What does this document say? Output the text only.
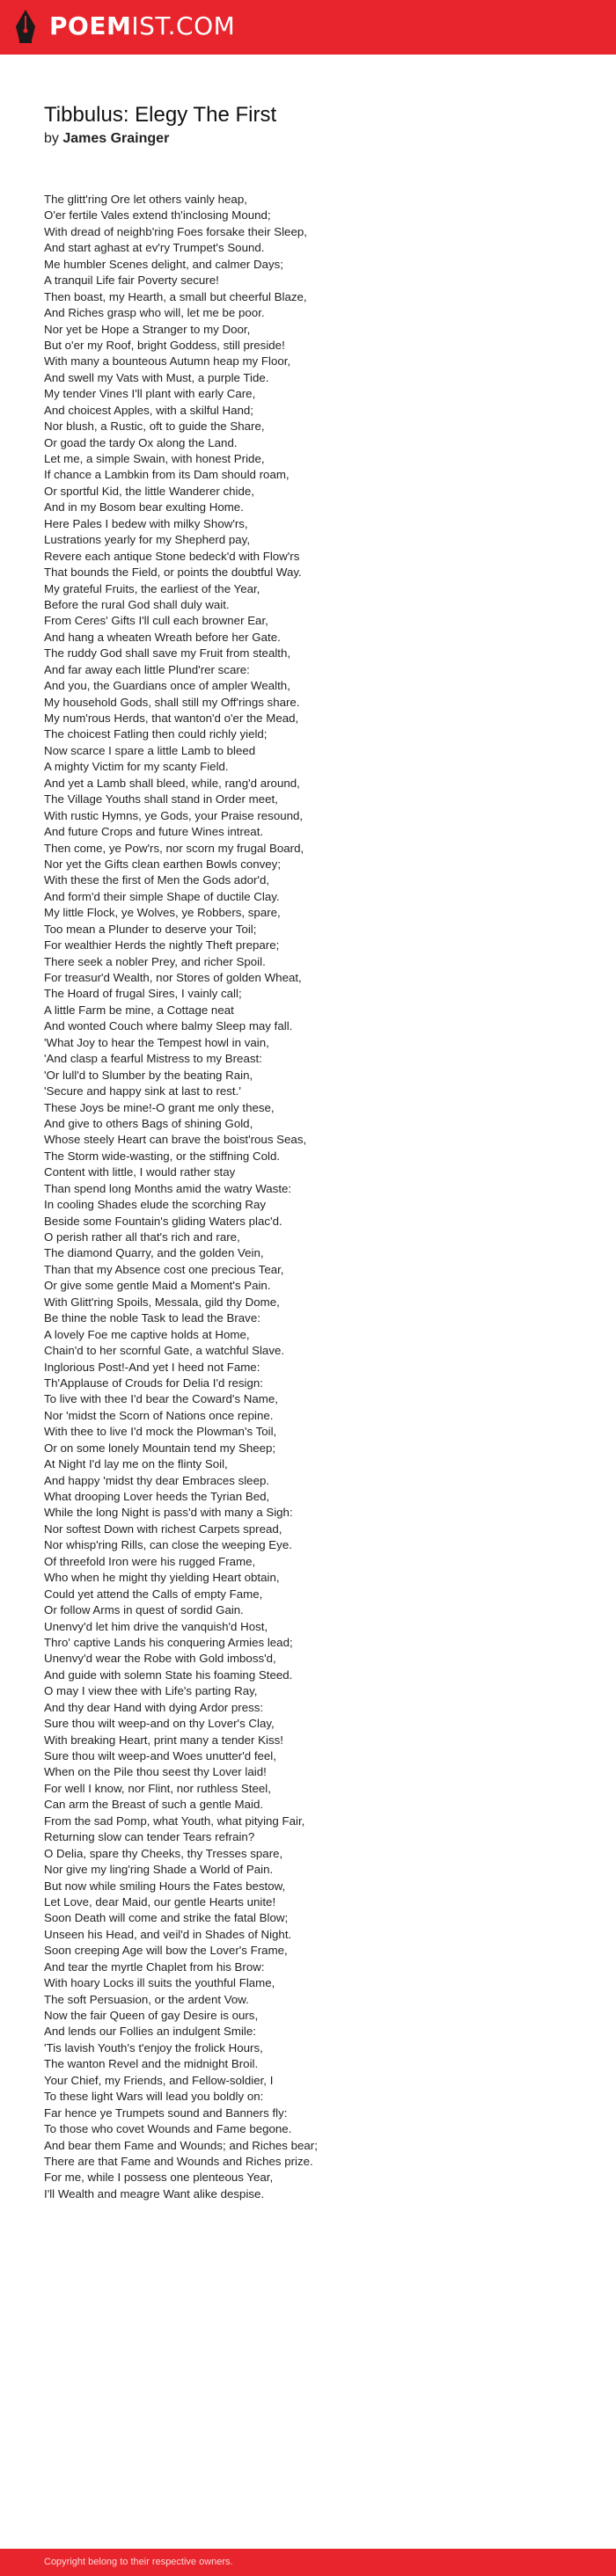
POEMIST.COM
Tibbulus: Elegy The First
by James Grainger
The glitt'ring Ore let others vainly heap,
O'er fertile Vales extend th'inclosing Mound;
With dread of neighb'ring Foes forsake their Sleep,
And start aghast at ev'ry Trumpet's Sound.
Me humbler Scenes delight, and calmer Days;
A tranquil Life fair Poverty secure!
Then boast, my Hearth, a small but cheerful Blaze,
And Riches grasp who will, let me be poor.
Nor yet be Hope a Stranger to my Door,
But o'er my Roof, bright Goddess, still preside!
With many a bounteous Autumn heap my Floor,
And swell my Vats with Must, a purple Tide.
My tender Vines I'll plant with early Care,
And choicest Apples, with a skilful Hand;
Nor blush, a Rustic, oft to guide the Share,
Or goad the tardy Ox along the Land.
Let me, a simple Swain, with honest Pride,
If chance a Lambkin from its Dam should roam,
Or sportful Kid, the little Wanderer chide,
And in my Bosom bear exulting Home.
Here Pales I bedew with milky Show'rs,
Lustrations yearly for my Shepherd pay,
Revere each antique Stone bedeck'd with Flow'rs
That bounds the Field, or points the doubtful Way.
My grateful Fruits, the earliest of the Year,
Before the rural God shall duly wait.
From Ceres' Gifts I'll cull each browner Ear,
And hang a wheaten Wreath before her Gate.
The ruddy God shall save my Fruit from stealth,
And far away each little Plund'rer scare:
And you, the Guardians once of ampler Wealth,
My household Gods, shall still my Off'rings share.
My num'rous Herds, that wanton'd o'er the Mead,
The choicest Fatling then could richly yield;
Now scarce I spare a little Lamb to bleed
A mighty Victim for my scanty Field.
And yet a Lamb shall bleed, while, rang'd around,
The Village Youths shall stand in Order meet,
With rustic Hymns, ye Gods, your Praise resound,
And future Crops and future Wines intreat.
Then come, ye Pow'rs, nor scorn my frugal Board,
Nor yet the Gifts clean earthen Bowls convey;
With these the first of Men the Gods ador'd,
And form'd their simple Shape of ductile Clay.
My little Flock, ye Wolves, ye Robbers, spare,
Too mean a Plunder to deserve your Toil;
For wealthier Herds the nightly Theft prepare;
There seek a nobler Prey, and richer Spoil.
For treasur'd Wealth, nor Stores of golden Wheat,
The Hoard of frugal Sires, I vainly call;
A little Farm be mine, a Cottage neat
And wonted Couch where balmy Sleep may fall.
'What Joy to hear the Tempest howl in vain,
'And clasp a fearful Mistress to my Breast:
'Or lull'd to Slumber by the beating Rain,
'Secure and happy sink at last to rest.'
These Joys be mine!-O grant me only these,
And give to others Bags of shining Gold,
Whose steely Heart can brave the boist'rous Seas,
The Storm wide-wasting, or the stiffning Cold.
Content with little, I would rather stay
Than spend long Months amid the watry Waste:
In cooling Shades elude the scorching Ray
Beside some Fountain's gliding Waters plac'd.
O perish rather all that's rich and rare,
The diamond Quarry, and the golden Vein,
Than that my Absence cost one precious Tear,
Or give some gentle Maid a Moment's Pain.
With Glitt'ring Spoils, Messala, gild thy Dome,
Be thine the noble Task to lead the Brave:
A lovely Foe me captive holds at Home,
Chain'd to her scornful Gate, a watchful Slave.
Inglorious Post!-And yet I heed not Fame:
Th'Applause of Crouds for Delia I'd resign:
To live with thee I'd bear the Coward's Name,
Nor 'midst the Scorn of Nations once repine.
With thee to live I'd mock the Plowman's Toil,
Or on some lonely Mountain tend my Sheep;
At Night I'd lay me on the flinty Soil,
And happy 'midst thy dear Embraces sleep.
What drooping Lover heeds the Tyrian Bed,
While the long Night is pass'd with many a Sigh:
Nor softest Down with richest Carpets spread,
Nor whisp'ring Rills, can close the weeping Eye.
Of threefold Iron were his rugged Frame,
Who when he might thy yielding Heart obtain,
Could yet attend the Calls of empty Fame,
Or follow Arms in quest of sordid Gain.
Unenvy'd let him drive the vanquish'd Host,
Thro' captive Lands his conquering Armies lead;
Unenvy'd wear the Robe with Gold imboss'd,
And guide with solemn State his foaming Steed.
O may I view thee with Life's parting Ray,
And thy dear Hand with dying Ardor press:
Sure thou wilt weep-and on thy Lover's Clay,
With breaking Heart, print many a tender Kiss!
Sure thou wilt weep-and Woes unutter'd feel,
When on the Pile thou seest thy Lover laid!
For well I know, nor Flint, nor ruthless Steel,
Can arm the Breast of such a gentle Maid.
From the sad Pomp, what Youth, what pitying Fair,
Returning slow can tender Tears refrain?
O Delia, spare thy Cheeks, thy Tresses spare,
Nor give my ling'ring Shade a World of Pain.
But now while smiling Hours the Fates bestow,
Let Love, dear Maid, our gentle Hearts unite!
Soon Death will come and strike the fatal Blow;
Unseen his Head, and veil'd in Shades of Night.
Soon creeping Age will bow the Lover's Frame,
And tear the myrtle Chaplet from his Brow:
With hoary Locks ill suits the youthful Flame,
The soft Persuasion, or the ardent Vow.
Now the fair Queen of gay Desire is ours,
And lends our Follies an indulgent Smile:
'Tis lavish Youth's t'enjoy the frolick Hours,
The wanton Revel and the midnight Broil.
Your Chief, my Friends, and Fellow-soldier, I
To these light Wars will lead you boldly on:
Far hence ye Trumpets sound and Banners fly:
To those who covet Wounds and Fame begone.
And bear them Fame and Wounds; and Riches bear;
There are that Fame and Wounds and Riches prize.
For me, while I possess one plenteous Year,
I'll Wealth and meagre Want alike despise.
Copyright belong to their respective owners.
